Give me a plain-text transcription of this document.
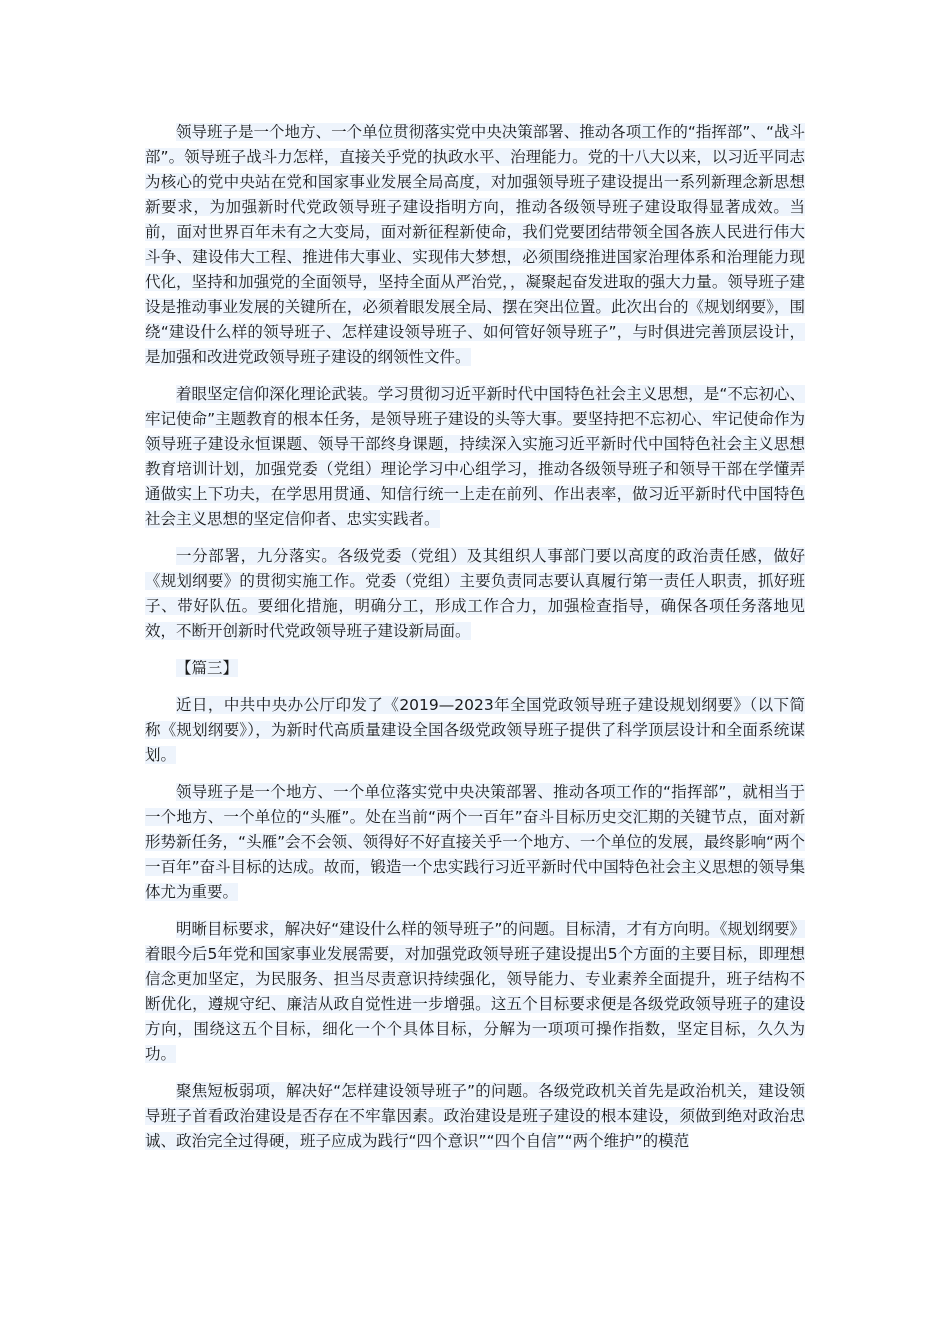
领导班子是一个地方、一个单位贯彻落实党中央决策部署、推动各项工作的“指挥部”、“战斗部”。领导班子战斗力怎样，直接关乎党的执政水平、治理能力。党的十八大以来，以习近平同志为核心的党中央站在党和国家事业发展全局高度，对加强领导班子建设提出一系列新理念新思想新要求，为加强新时代党政领导班子建设指明方向，推动各级领导班子建设取得显著成效。当前，面对世界百年未有之大变局，面对新征程新使命，我们党要团结带领全国各族人民进行伟大斗争、建设伟大工程、推进伟大事业、实现伟大梦想，必须围绕推进国家治理体系和治理能力现代化，坚持和加强党的全面领导，坚持全面从严治党，，凝聚起奋发进取的强大力量。领导班子建设是推动事业发展的关键所在，必须着眼发展全局、摆在突出位置。此次出台的《规划纲要》，围绕“建设什么样的领导班子、怎样建设领导班子、如何管好领导班子”，与时俱进完善顶层设计，是加强和改进党政领导班子建设的纲领性文件。

着眼坚定信仰深化理论武装。学习贯彻习近平新时代中国特色社会主义思想，是“不忘初心、牢记使命”主题教育的根本任务，是领导班子建设的头等大事。要坚持把不忘初心、牢记使命作为领导班子建设永恒课题、领导干部终身课题，持续深入实施习近平新时代中国特色社会主义思想教育培训计划，加强党委（党组）理论学习中心组学习，推动各级领导班子和领导干部在学懂弄通做实上下功夫，在学思用贯通、知信行统一上走在前列、作出表率，做习近平新时代中国特色社会主义思想的坚定信仰者、忠实实践者。

一分部署，九分落实。各级党委（党组）及其组织人事部门要以高度的政治责任感，做好《规划纲要》的贯彻实施工作。党委（党组）主要负责同志要认真履行第一责任人职责，抓好班子、带好队伍。要细化措施，明确分工，形成工作合力，加强检查指导，确保各项任务落地见效，不断开创新时代党政领导班子建设新局面。

【篇三】

近日，中共中央办公厅印发了《2019—2023年全国党政领导班子建设规划纲要》（以下简称《规划纲要》），为新时代高质量建设全国各级党政领导班子提供了科学顶层设计和全面系统谋划。

领导班子是一个地方、一个单位落实党中央决策部署、推动各项工作的“指挥部”，就相当于一个地方、一个单位的“头雁”。处在当前“两个一百年”奋斗目标历史交汇期的关键节点，面对新形势新任务，“头雁”会不会领、领得好不好直接关乎一个地方、一个单位的发展，最终影响“两个一百年”奋斗目标的达成。故而，锻造一个忠实践行习近平新时代中国特色社会主义思想的领导集体尤为重要。

明晰目标要求，解决好“建设什么样的领导班子”的问题。目标清，才有方向明。《规划纲要》着眼今后5年党和国家事业发展需要，对加强党政领导班子建设提出5个方面的主要目标，即理想信念更加坚定，为民服务、担当尽责意识持续强化，领导能力、专业素养全面提升，班子结构不断优化，遵规守纪、廉洁从政自觉性进一步增强。这五个目标要求便是各级党政领导班子的建设方向，围绕这五个目标，细化一个个具体目标，分解为一项项可操作指数，坚定目标，久久为功。

聚焦短板弱项，解决好“怎样建设领导班子”的问题。各级党政机关首先是政治机关，建设领导班子首看政治建设是否存在不牢靠因素。政治建设是班子建设的根本建设，须做到绝对政治忠诚、政治完全过得硬，班子应成为践行“四个意识”“四个自信”“两个维护”的模范
